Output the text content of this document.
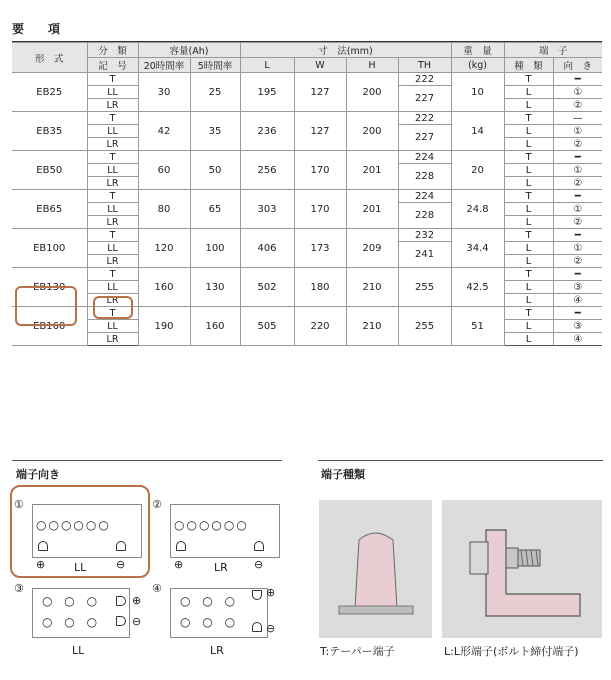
要　項
形　式	分　類	容量(Ah)		寸　法(mm)				重　量	端　子	
	記　号	20時間率	5時間率	L	W	H	TH	(kg)	種　類	向　き
EB25	T	30	25	195	127	200	222	10	T	━
	LL						227		L	①
	LR								L	②
EB35	T	42	35	236	127	200	222	14	T	—
	LL						227		L	①
	LR								L	②
EB50	T	60	50	256	170	201	224	20	T	━
	LL						228		L	①
	LR								L	②
EB65	T	80	65	303	170	201	224	24.8	T	━
	LL						228		L	①
	LR								L	②
EB100	T	120	100	406	173	209	232	34.4	T	━
	LL						241		L	①
	LR								L	②
EB130	T	160	130	502	180	210	255	42.5	T	━
	LL								L	③
	LR								L	④
EB160	T	190	160	505	220	210	255	51	T	━
	LL								L	③
	LR								L	④
端子向き
①
○○○○○○
⊕	⊖
LL
②
○○○○○○
⊕	⊖
LR
③
○ ○ ○
○ ○ ○
⊕
⊖
LL
④
○ ○ ○
○ ○ ○
⊕
⊖
LR
端子種類
T:テーパー端子	L:L形端子(ボルト締付端子)
